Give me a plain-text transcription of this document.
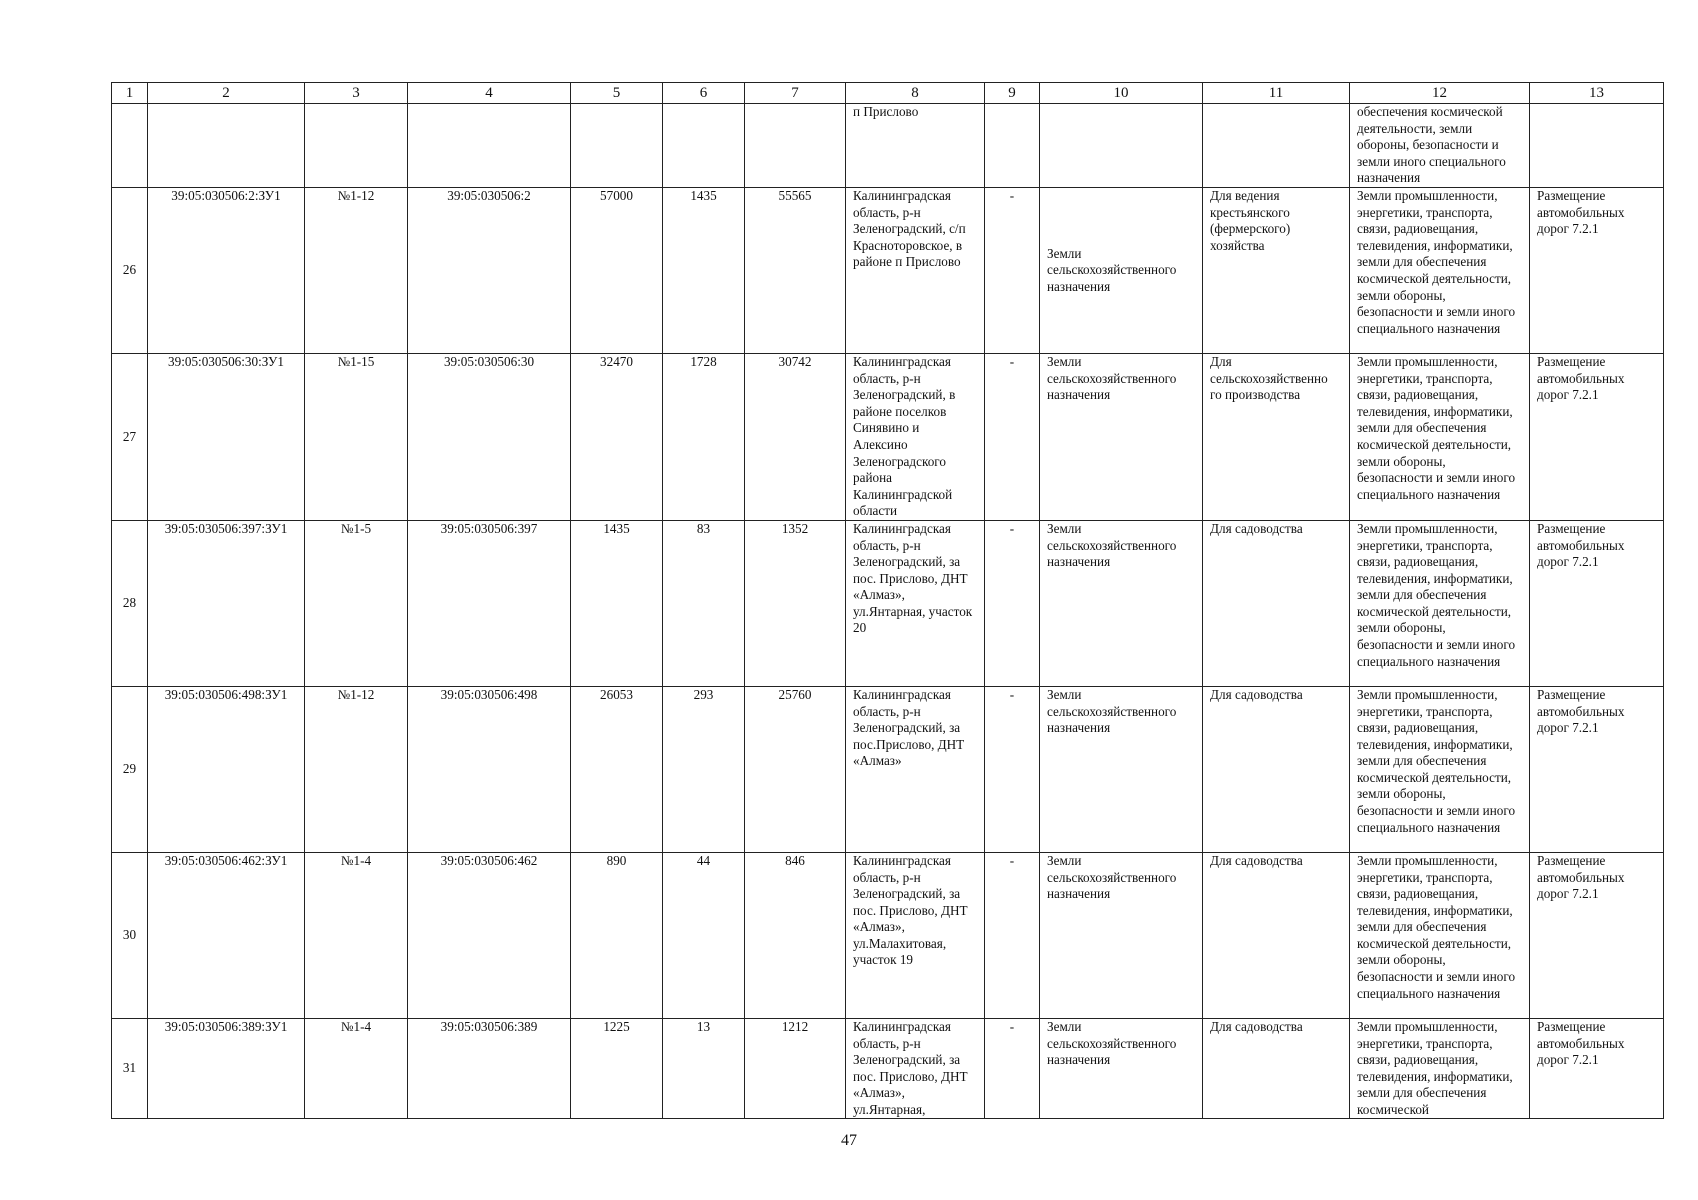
1	2	3	4	5	6	7	8	9	10	11	12	13
							п Прислово				обеспечения космической деятельности, земли обороны, безопасности и земли иного специального назначения	
26	39:05:030506:2:ЗУ1	№1-12	39:05:030506:2	57000	1435	55565	Калининградская область, р-н Зеленоградский, с/п Красноторовское, в районе п Прислово	-	Земли сельскохозяйственного назначения	Для ведения крестьянского (фермерского) хозяйства	Земли промышленности, энергетики, транспорта, связи, радиовещания, телевидения, информатики, земли для обеспечения космической деятельности, земли обороны, безопасности и земли иного специального назначения	Размещение автомобильных дорог 7.2.1
27	39:05:030506:30:ЗУ1	№1-15	39:05:030506:30	32470	1728	30742	Калининградская область, р-н Зеленоградский, в районе поселков Синявино и Алексино Зеленоградского района Калининградской области	-	Земли сельскохозяйственного назначения	Для сельскохозяйственно го производства	Земли промышленности, энергетики, транспорта, связи, радиовещания, телевидения, информатики, земли для обеспечения космической деятельности, земли обороны, безопасности и земли иного специального назначения	Размещение автомобильных дорог 7.2.1
28	39:05:030506:397:ЗУ1	№1-5	39:05:030506:397	1435	83	1352	Калининградская область, р-н Зеленоградский, за пос. Прислово, ДНТ «Алмаз», ул.Янтарная, участок 20	-	Земли сельскохозяйственного назначения	Для садоводства	Земли промышленности, энергетики, транспорта, связи, радиовещания, телевидения, информатики, земли для обеспечения космической деятельности, земли обороны, безопасности и земли иного специального назначения	Размещение автомобильных дорог 7.2.1
29	39:05:030506:498:ЗУ1	№1-12	39:05:030506:498	26053	293	25760	Калининградская область, р-н Зеленоградский, за пос.Прислово, ДНТ «Алмаз»	-	Земли сельскохозяйственного назначения	Для садоводства	Земли промышленности, энергетики, транспорта, связи, радиовещания, телевидения, информатики, земли для обеспечения космической деятельности, земли обороны, безопасности и земли иного специального назначения	Размещение автомобильных дорог 7.2.1
30	39:05:030506:462:ЗУ1	№1-4	39:05:030506:462	890	44	846	Калининградская область, р-н Зеленоградский, за пос. Прислово, ДНТ «Алмаз», ул.Малахитовая, участок 19	-	Земли сельскохозяйственного назначения	Для садоводства	Земли промышленности, энергетики, транспорта, связи, радиовещания, телевидения, информатики, земли для обеспечения космической деятельности, земли обороны, безопасности и земли иного специального назначения	Размещение автомобильных дорог 7.2.1
31	39:05:030506:389:ЗУ1	№1-4	39:05:030506:389	1225	13	1212	Калининградская область, р-н Зеленоградский, за пос. Прислово, ДНТ «Алмаз», ул.Янтарная,	-	Земли сельскохозяйственного назначения	Для садоводства	Земли промышленности, энергетики, транспорта, связи, радиовещания, телевидения, информатики, земли для обеспечения космической	Размещение автомобильных дорог 7.2.1
47
